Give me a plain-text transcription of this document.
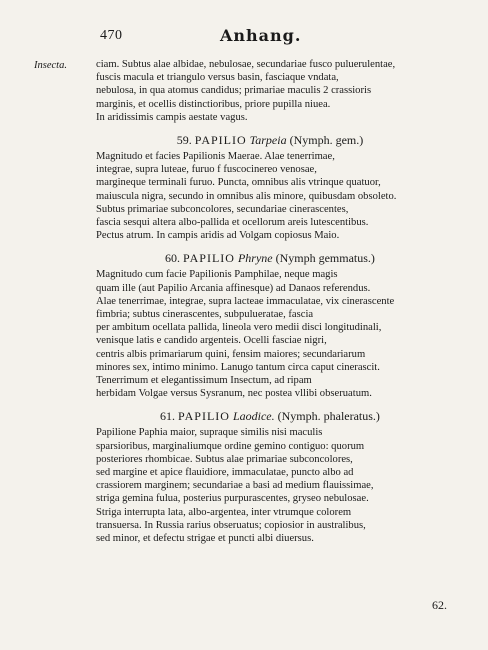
470	Anhang.
Insecta.	ciam. Subtus alae albidae, nebulosae, secundariae fusco puluerulentae,
fuscis macula et triangulo versus basin, fasciaque vndata,
nebulosa, in qua atomus candidus; primariae maculis 2 crassioris
marginis, et ocellis distinctioribus, priore pupilla niuea.
In aridissimis campis aestate vagus.
59. PAPILIO Tarpeia (Nymph. gem.)
Magnitudo et facies Papilionis Maerae. Alae tenerrimae,
integrae, supra luteae, furuo f fuscocinereo venosae,
margineque terminali furuo. Puncta, omnibus alis vtrinque quatuor,
maiuscula nigra, secundo in omnibus alis minore, quibusdam obsoleto.
Subtus primariae subconcolores, secundariae cinerascentes,
fascia sesqui altera albo-pallida et ocellorum areis lutescentibus.
Pectus atrum. In campis aridis ad Volgam copiosus Maio.
60. PAPILIO Phryne (Nymph gemmatus.)
Magnitudo cum facie Papilionis Pamphilae, neque magis
quam ille (aut Papilio Arcania affinesque) ad Danaos referendus.
Alae tenerrimae, integrae, supra lacteae immaculatae, vix cinerascente
fimbria; subtus cinerascentes, subpulueratae, fascia
per ambitum ocellata pallida, lineola vero medii disci longitudinali,
venisque latis e candido argenteis. Ocelli fasciae nigri,
centris albis primariarum quini, fensim maiores; secundariarum
minores sex, intimo minimo. Lanugo tantum circa caput cinerascit.
Tenerrimum et elegantissimum Insectum, ad ripam
herbidam Volgae versus Sysranum, nec postea vllibi obseruatum.
61. PAPILIO Laodice. (Nymph. phaleratus.)
Papilione Paphia maior, supraque similis nisi maculis
sparsioribus, marginaliumque ordine gemino contiguo: quorum
posteriores rhombicae. Subtus alae primariae subconcolores,
sed margine et apice flauidiore, immaculatae, puncto albo ad
crassiorem marginem; secundariae a basi ad medium flauissimae,
striga gemina fulua, posterius purpurascentes, gryseo nebulosae.
Striga interrupta lata, albo-argentea, inter vtrumque colorem
transuersa. In Russia rarius obseruatus; copiosior in australibus,
sed minor, et defectu strigae et puncti albi diuersus.
62.
